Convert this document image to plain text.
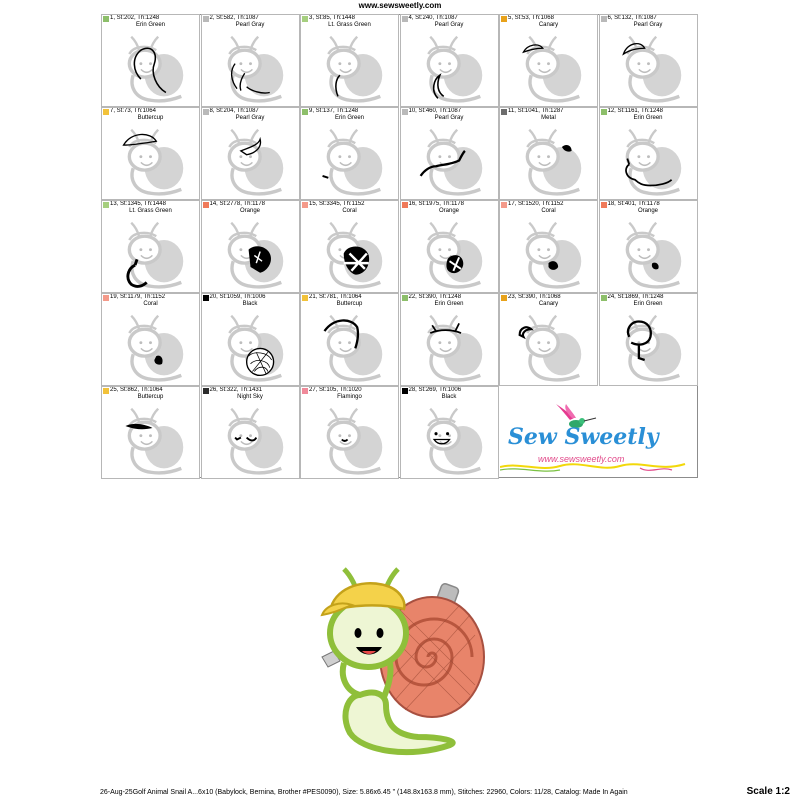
www.sewsweetly.com
1, St:202, Th:1248
Erin Green
2, St:582, Th:1087
Pearl Gray
3, St:85, Th:1448
Lt. Grass Green
4, St:240, Th:1087
Pearl Gray
5, St:53, Th:1068
Canary
6, St:132, Th:1087
Pearl Gray
7, St:73, Th:1064
Buttercup
8, St:204, Th:1087
Pearl Gray
9, St:137, Th:1248
Erin Green
10, St:460, Th:1087
Pearl Gray
11, St:1041, Th:1287
Metal
12, St:1161, Th:1248
Erin Green
13, St:1345, Th:1448
Lt. Grass Green
14, St:2778, Th:1178
Orange
15, St:3345, Th:1152
Coral
16, St:1975, Th:1178
Orange
17, St:1520, Th:1152
Coral
18, St:401, Th:1178
Orange
19, St:1179, Th:1152
Coral
20, St:1059, Th:1006
Black
21, St:781, Th:1064
Buttercup
22, St:390, Th:1248
Erin Green
23, St:390, Th:1068
Canary
24, St:1869, Th:1248
Erin Green
25, St:862, Th:1064
Buttercup
26, St:322, Th:1431
Night Sky
27, St:105, Th:1020
Flamingo
28, St:269, Th:1006
Black
Sew Sweetly
www.sewsweetly.com
26-Aug-25Golf Animal Snail A...6x10 (Babylock, Bernina, Brother #PES0090), Size: 5.86x6.45 " (148.8x163.8 mm), Stitches: 22960, Colors: 11/28, Catalog: Made In Again	Scale 1:2
